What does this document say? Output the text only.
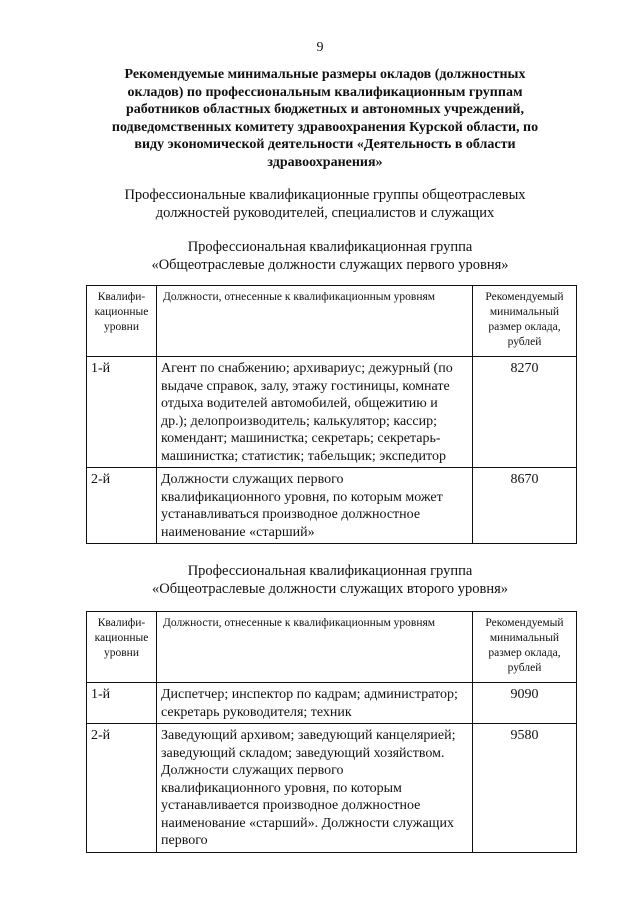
9
Рекомендуемые минимальные размеры окладов (должностных
окладов) по профессиональным квалификационным группам
работников областных бюджетных и автономных учреждений,
подведомственных комитету здравоохранения Курской области, по
виду экономической деятельности «Деятельность в области
здравоохранения»
Профессиональные квалификационные группы общеотраслевых
должностей руководителей, специалистов и служащих
Профессиональная квалификационная группа
«Общеотраслевые должности служащих первого уровня»
Квалифи-кационные уровни	Должности, отнесенные к квалификационным уровням	Рекомендуемый минимальный размер оклада, рублей
1-й	Агент по снабжению; архивариус; дежурный (по выдаче справок, залу, этажу гостиницы, комнате отдыха водителей автомобилей, общежитию и др.); делопроизводитель; калькулятор; кассир; комендант; машинистка; секретарь; секретарь-машинистка; статистик; табельщик; экспедитор	8270
2-й	Должности служащих первого квалификационного уровня, по которым может устанавливаться производное должностное наименование «старший»	8670
Профессиональная квалификационная группа
«Общеотраслевые должности служащих второго уровня»
Квалифи-кационные уровни	Должности, отнесенные к квалификационным уровням	Рекомендуемый минимальный размер оклада, рублей
1-й	Диспетчер; инспектор по кадрам; администратор; секретарь руководителя; техник	9090
2-й	Заведующий архивом; заведующий канцелярией; заведующий складом; заведующий хозяйством. Должности служащих первого квалификационного уровня, по которым устанавливается производное должностное наименование «старший». Должности служащих первого	9580
